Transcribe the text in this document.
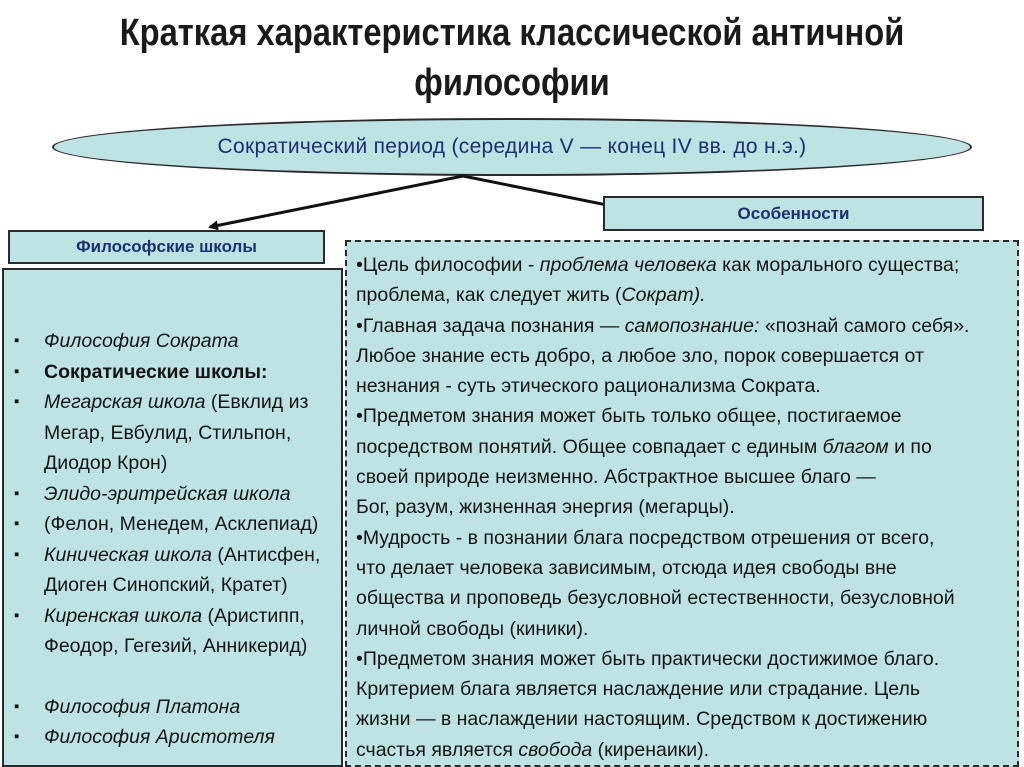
Краткая характеристика классической античной
философии
Сократический период (середина V — конец IV вв. до н.э.)
▪ Философия Сократа
▪ Сократические школы:
▪ Мегарская школа (Евклид из
Мегар, Евбулид, Стильпон,
Диодор Крон)
▪ Элидо-эритрейская школа
▪ (Фелон, Менедем, Асклепиад)
▪ Киническая школа (Антисфен,
Диоген Синопский, Кратет)
▪ Киренская школа (Аристипп,
Феодор, Гегезий, Анникерид)
▪ Философия Платона
▪ Философия Аристотеля
Философские школы
Особенности

•Цель философии - проблема человека как морального существа;

проблема, как следует жить (Сократ).

•Главная задача познания — самопознание: «познай самого себя».

Любое знание есть добро, а любое зло, порок совершается от

незнания - суть этического рационализма Сократа.

•Предметом знания может быть только общее, постигаемое

посредством понятий. Общее совпадает с единым благом и по

своей природе неизменно. Абстрактное высшее благо —

Бог, разум, жизненная энергия (мегарцы).

•Мудрость - в познании блага посредством отрешения от всего,

что делает человека зависимым, отсюда идея свободы вне

общества и проповедь безусловной естественности, безусловной

личной свободы (киники).

•Предметом знания может быть практически достижимое благо.

Критерием блага является наслаждение или страдание. Цель

жизни — в наслаждении настоящим. Средством к достижению

счастья является свобода (киренаики).
